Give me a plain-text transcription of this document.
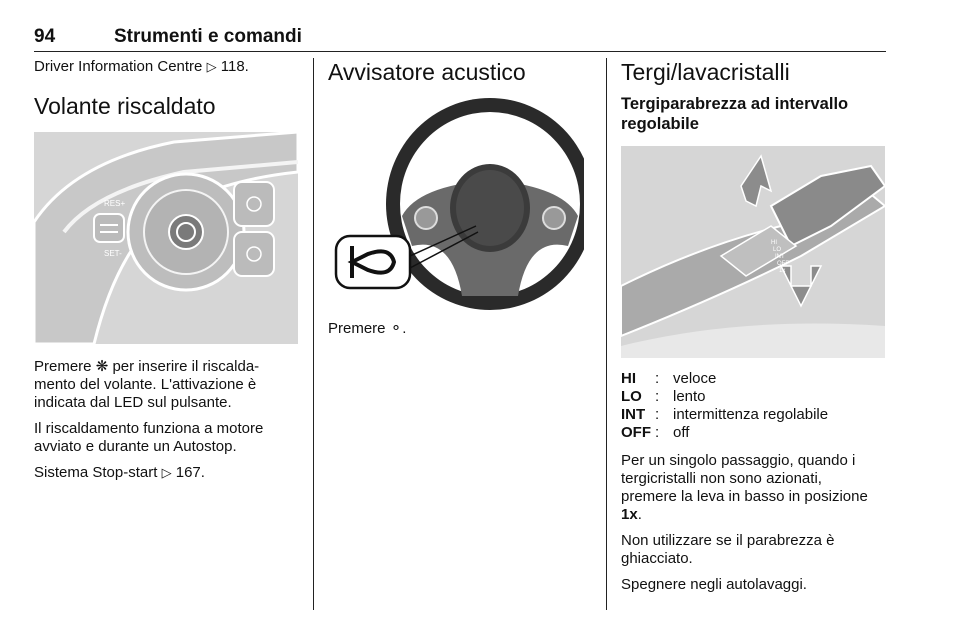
94	Strumenti e comandi
Driver Information Centre ▷ 118.
Volante riscaldato
RES+
SET-
Premere ❋ per inserire il riscalda-
mento del volante. L'attivazione è
indicata dal LED sul pulsante.
Il riscaldamento funziona a motore
avviato e durante un Autostop.
Sistema Stop-start ▷ 167.
Avvisatore acustico
Premere ⚬.
Tergi/lavacristalli
Tergiparabrezza ad intervallo
regolabile
HI
LO
INT
OFF
1x
HI	: veloce
LO : lento
INT : intermittenza regolabile
OFF : off
Per un singolo passaggio, quando i
tergicristalli non sono azionati,
premere la leva in basso in posizione
1x.
Non utilizzare se il parabrezza è
ghiacciato.
Spegnere negli autolavaggi.
